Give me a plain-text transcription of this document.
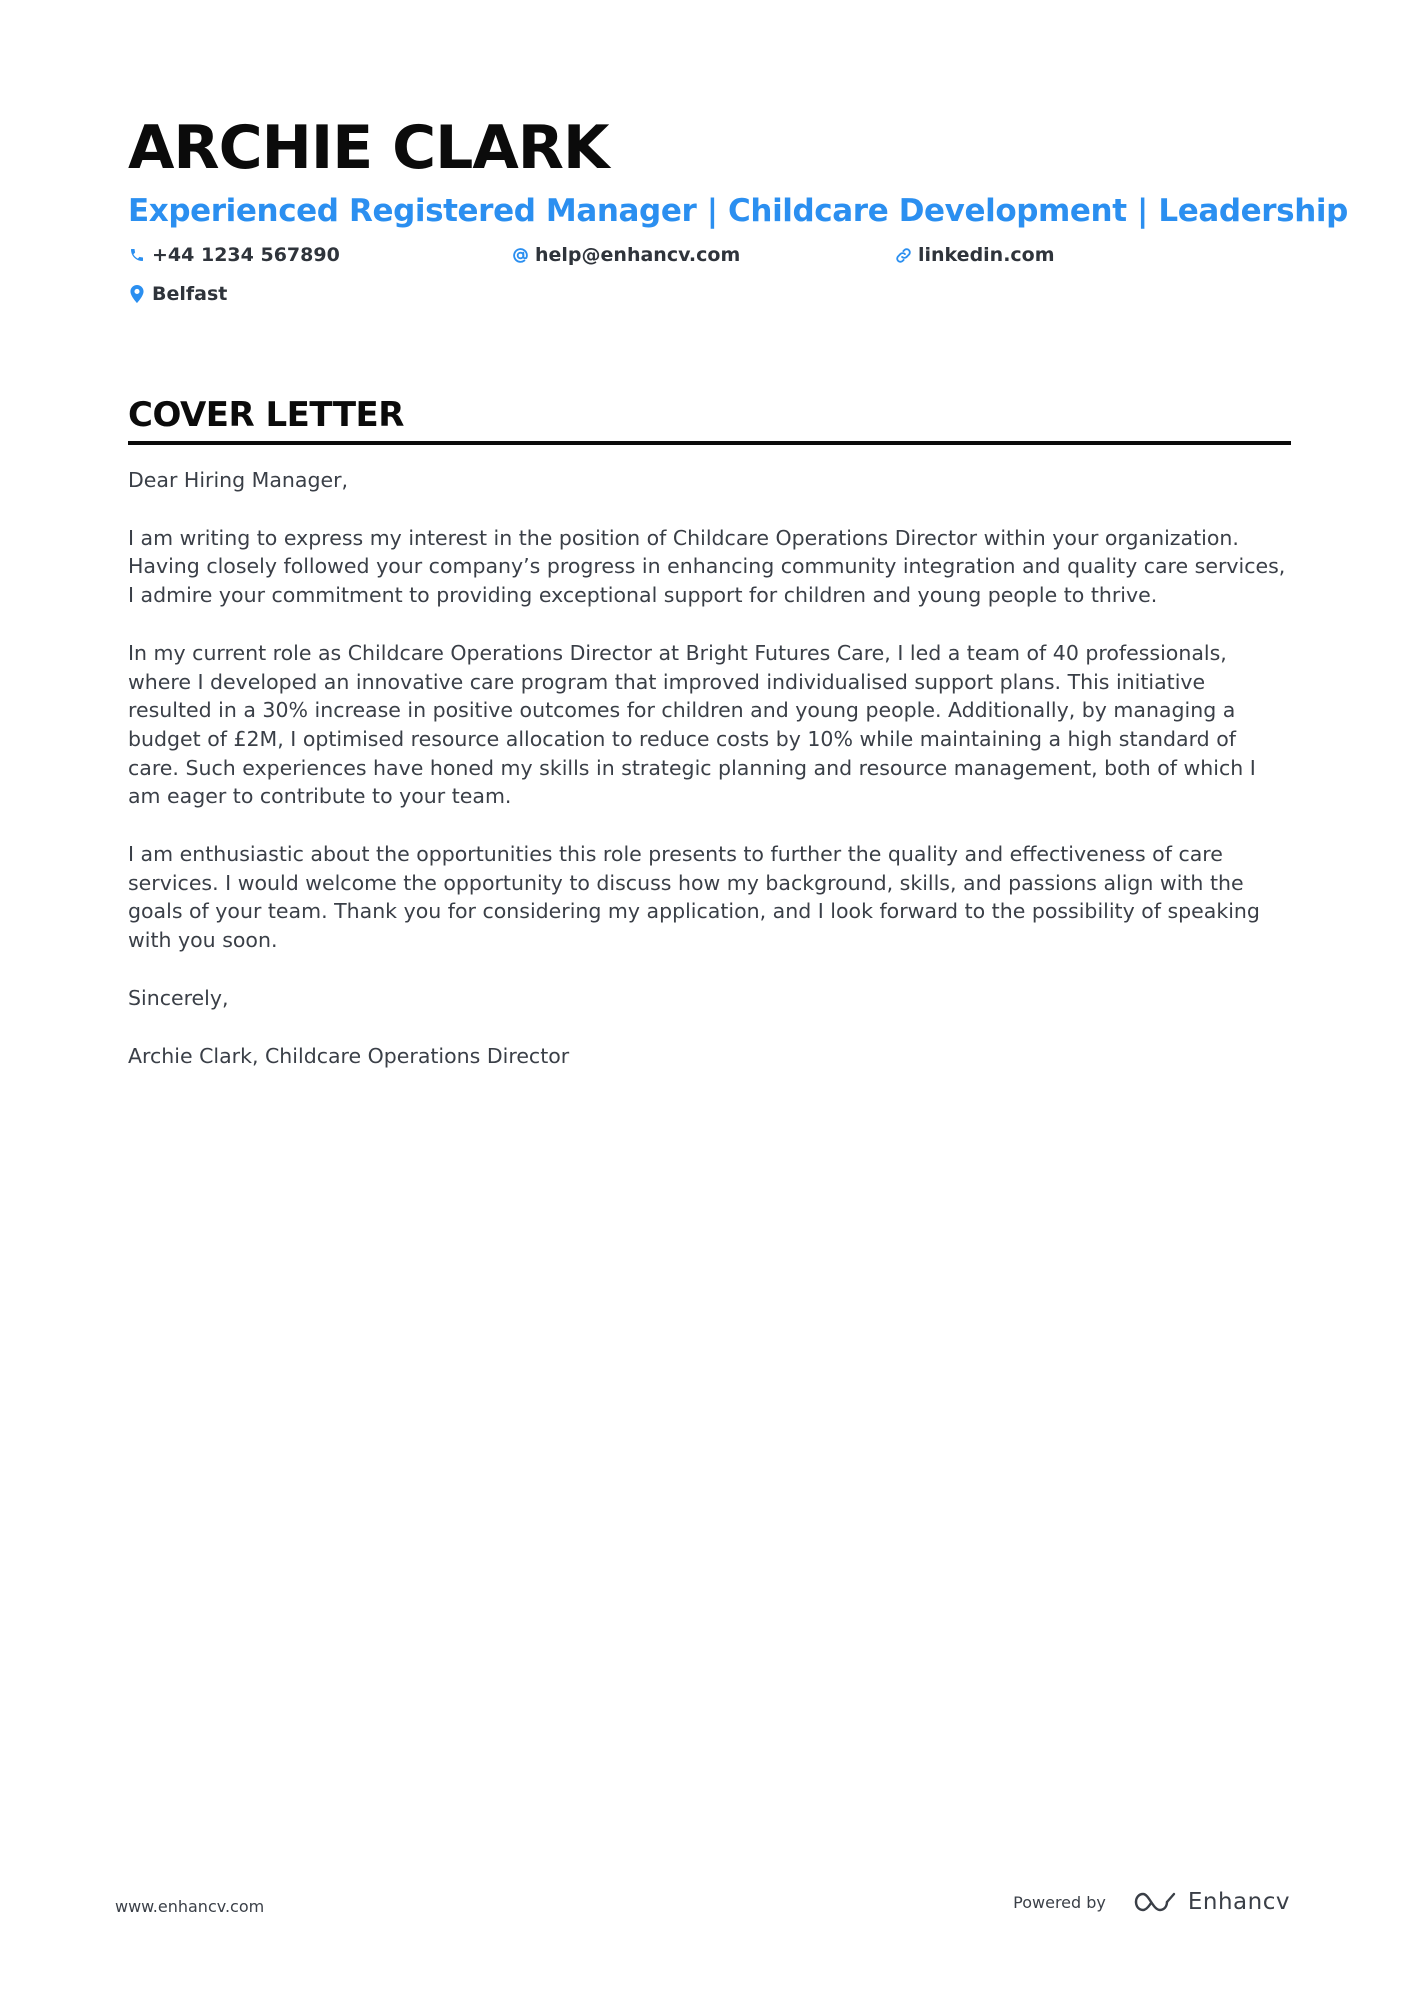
ARCHIE CLARK
Experienced Registered Manager | Childcare Development | Leadership
+44 1234 567890	help@enhancv.com	linkedin.com
Belfast
COVER LETTER

Dear Hiring Manager,

I am writing to express my interest in the position of Childcare Operations Director within your organization. Having closely followed your company’s progress in enhancing community integration and quality care services, I admire your commitment to providing exceptional support for children and young people to thrive.

In my current role as Childcare Operations Director at Bright Futures Care, I led a team of 40 professionals, where I developed an innovative care program that improved individualised support plans. This initiative resulted in a 30% increase in positive outcomes for children and young people. Additionally, by managing a budget of £2M, I optimised resource allocation to reduce costs by 10% while maintaining a high standard of care. Such experiences have honed my skills in strategic planning and resource management, both of which I am eager to contribute to your team.

I am enthusiastic about the opportunities this role presents to further the quality and effectiveness of care services. I would welcome the opportunity to discuss how my background, skills, and passions align with the goals of your team. Thank you for considering my application, and I look forward to the possibility of speaking with you soon.

Sincerely,

Archie Clark, Childcare Operations Director

www.enhancv.com	Powered by	Enhancv
